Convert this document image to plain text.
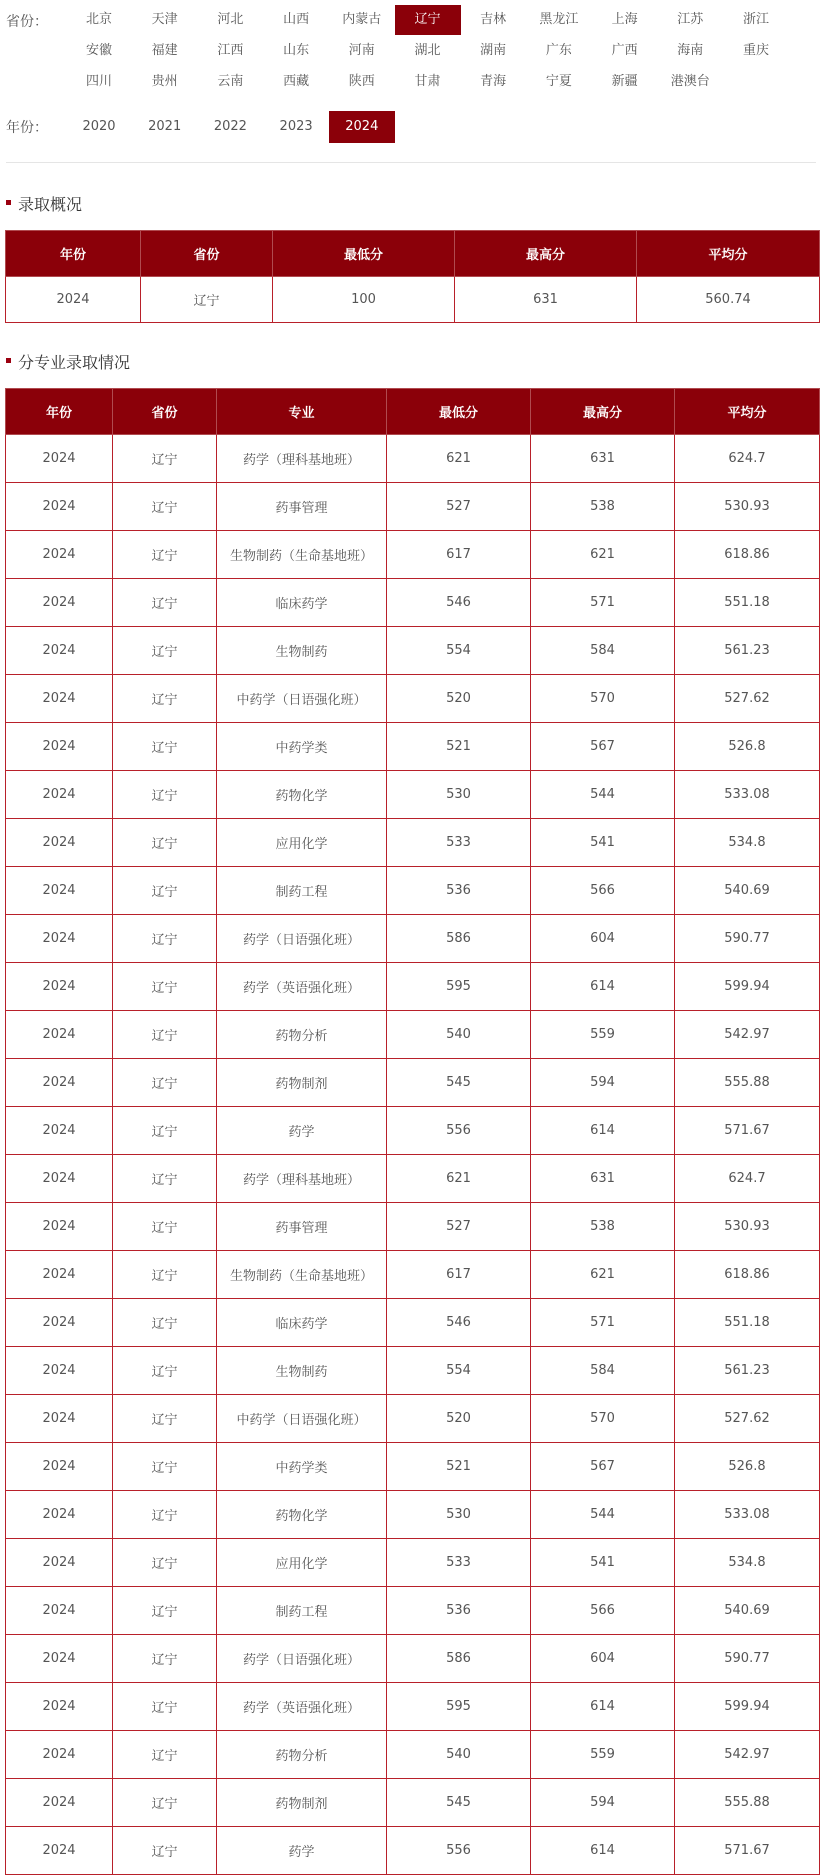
省份：	北京	天津	河北	山西	内蒙古	辽宁	吉林	黑龙江	上海	江苏	浙江
安徽	福建	江西	山东	河南	湖北	湖南	广东	广西	海南	重庆
四川	贵州	云南	西藏	陕西	甘肃	青海	宁夏	新疆	港澳台
年份：	2020	2021	2022	2023	2024
录取概况
年份	省份	最低分	最高分	平均分
2024	辽宁	100	631	560.74
分专业录取情况
年份	省份	专业	最低分	最高分	平均分
2024	辽宁	药学（理科基地班）	621	631	624.7
2024	辽宁	药事管理	527	538	530.93
2024	辽宁	生物制药（生命基地班）	617	621	618.86
2024	辽宁	临床药学	546	571	551.18
2024	辽宁	生物制药	554	584	561.23
2024	辽宁	中药学（日语强化班）	520	570	527.62
2024	辽宁	中药学类	521	567	526.8
2024	辽宁	药物化学	530	544	533.08
2024	辽宁	应用化学	533	541	534.8
2024	辽宁	制药工程	536	566	540.69
2024	辽宁	药学（日语强化班）	586	604	590.77
2024	辽宁	药学（英语强化班）	595	614	599.94
2024	辽宁	药物分析	540	559	542.97
2024	辽宁	药物制剂	545	594	555.88
2024	辽宁	药学	556	614	571.67
2024	辽宁	药学（理科基地班）	621	631	624.7
2024	辽宁	药事管理	527	538	530.93
2024	辽宁	生物制药（生命基地班）	617	621	618.86
2024	辽宁	临床药学	546	571	551.18
2024	辽宁	生物制药	554	584	561.23
2024	辽宁	中药学（日语强化班）	520	570	527.62
2024	辽宁	中药学类	521	567	526.8
2024	辽宁	药物化学	530	544	533.08
2024	辽宁	应用化学	533	541	534.8
2024	辽宁	制药工程	536	566	540.69
2024	辽宁	药学（日语强化班）	586	604	590.77
2024	辽宁	药学（英语强化班）	595	614	599.94
2024	辽宁	药物分析	540	559	542.97
2024	辽宁	药物制剂	545	594	555.88
2024	辽宁	药学	556	614	571.67
